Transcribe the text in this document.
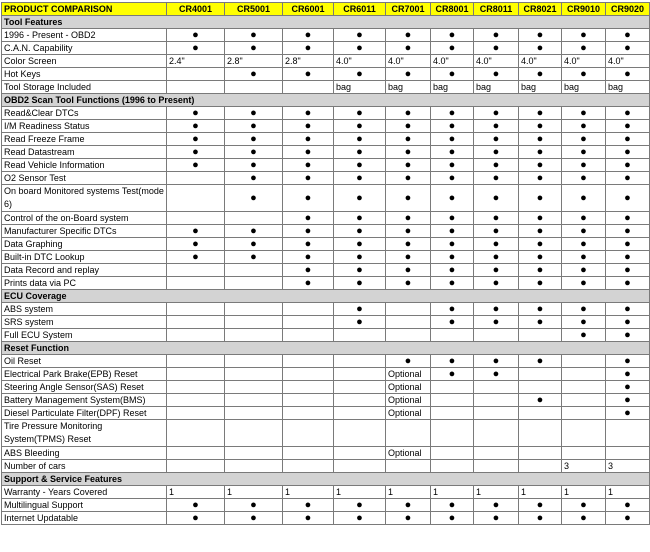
PRODUCT COMPARISON	CR4001	CR5001	CR6001	CR6011	CR7001	CR8001	CR8011	CR8021	CR9010	CR9020
Tool Features										
1996 - Present - OBD2	●	●	●	●	●	●	●	●	●	●
C.A.N. Capability	●	●	●	●	●	●	●	●	●	●
Color Screen	2.4"	2.8"	2.8"	4.0"	4.0"	4.0"	4.0"	4.0"	4.0"	4.0"
Hot Keys		●	●	●	●	●	●	●	●	●
Tool Storage Included				bag	bag	bag	bag	bag	bag	bag
OBD2 Scan Tool Functions (1996 to Present)										
Read&Clear DTCs	●	●	●	●	●	●	●	●	●	●
I/M Readiness Status	●	●	●	●	●	●	●	●	●	●
Read Freeze Frame	●	●	●	●	●	●	●	●	●	●
Read Datastream	●	●	●	●	●	●	●	●	●	●
Read Vehicle Information	●	●	●	●	●	●	●	●	●	●
O2 Sensor Test		●	●	●	●	●	●	●	●	●
On board Monitored systems Test(mode 6)		●	●	●	●	●	●	●	●	●
Control of the on-Board system			●	●	●	●	●	●	●	●
Manufacturer Specific DTCs	●	●	●	●	●	●	●	●	●	●
Data Graphing	●	●	●	●	●	●	●	●	●	●
Built-in DTC Lookup	●	●	●	●	●	●	●	●	●	●
Data Record and replay			●	●	●	●	●	●	●	●
Prints data via PC			●	●	●	●	●	●	●	●
ECU Coverage										
ABS system				●		●	●	●	●	●
SRS system				●		●	●	●	●	●
Full ECU System									●	●
Reset Function										
Oil Reset					●	●	●	●		●
Electrical Park Brake(EPB) Reset					Optional	●	●			●
Steering Angle Sensor(SAS) Reset					Optional					●
Battery Management System(BMS)					Optional			●		●
Diesel Particulate Filter(DPF) Reset					Optional					●
Tire Pressure Monitoring System(TPMS) Reset										
ABS Bleeding					Optional					
Number of cars									3	3
Support & Service Features										
Warranty - Years Covered	1	1	1	1	1	1	1	1	1	1
Multilingual Support	●	●	●	●	●	●	●	●	●	●
Internet Updatable	●	●	●	●	●	●	●	●	●	●
